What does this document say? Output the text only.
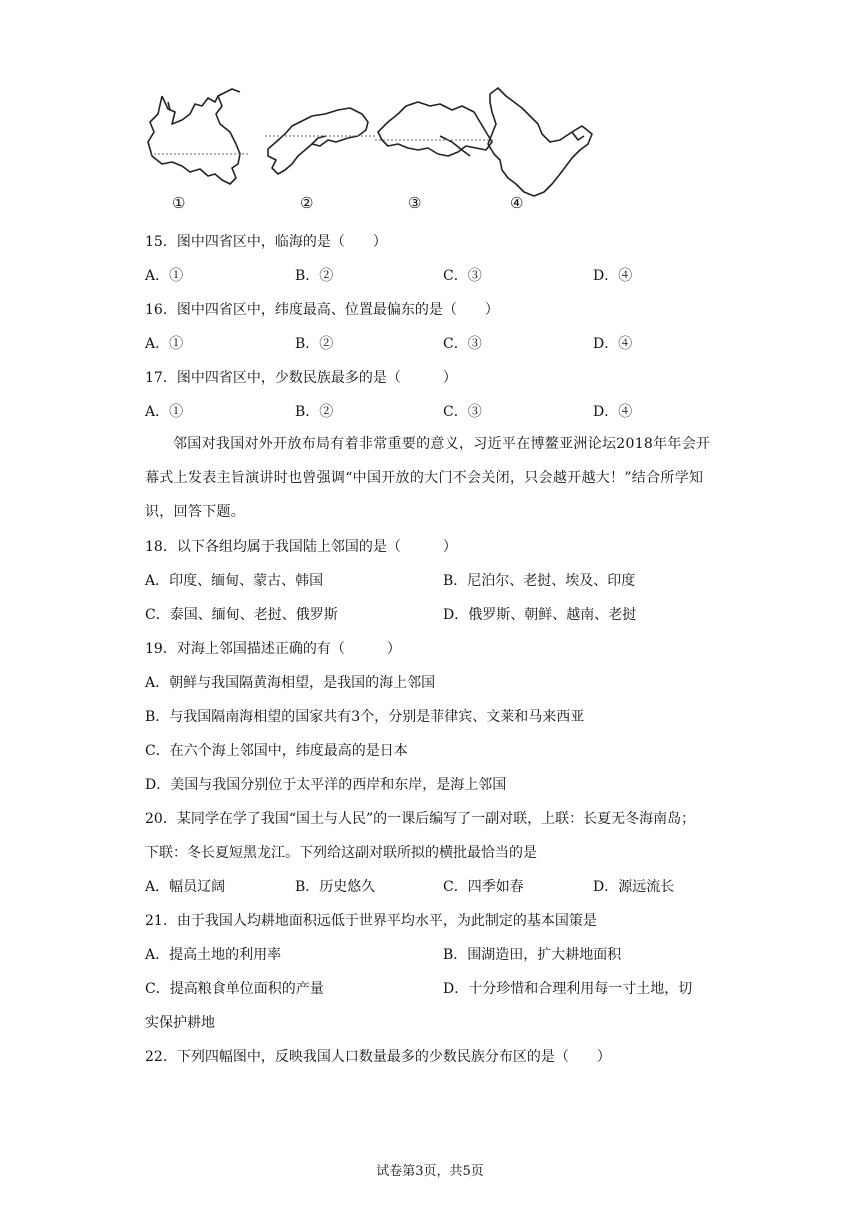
①	②	③	④
15．图中四省区中，临海的是（　　）
A．①	B．②	C．③	D．④
16．图中四省区中，纬度最高、位置最偏东的是（　　）
A．①	B．②	C．③	D．④
17．图中四省区中，少数民族最多的是（　　　）
A．①	B．②	C．③	D．④
邻国对我国对外开放布局有着非常重要的意义，习近平在博鳌亚洲论坛2018年年会开幕式上发表主旨演讲时也曾强调“中国开放的大门不会关闭，只会越开越大！”结合所学知识，回答下题。
18．以下各组均属于我国陆上邻国的是（　　　）
A．印度、缅甸、蒙古、韩国	B．尼泊尔、老挝、埃及、印度
C．泰国、缅甸、老挝、俄罗斯	D．俄罗斯、朝鲜、越南、老挝
19．对海上邻国描述正确的有（　　　）
A．朝鲜与我国隔黄海相望，是我国的海上邻国
B．与我国隔南海相望的国家共有3个，分别是菲律宾、文莱和马来西亚
C．在六个海上邻国中，纬度最高的是日本
D．美国与我国分别位于太平洋的西岸和东岸，是海上邻国
20．某同学在学了我国“国土与人民”的一课后编写了一副对联，上联：长夏无冬海南岛；
下联：冬长夏短黑龙江。下列给这副对联所拟的横批最恰当的是
A．幅员辽阔	B．历史悠久	C．四季如春	D．源远流长
21．由于我国人均耕地面积远低于世界平均水平，为此制定的基本国策是
A．提高土地的利用率	B．围湖造田，扩大耕地面积
C．提高粮食单位面积的产量	D．十分珍惜和合理利用每一寸土地，切
实保护耕地
22．下列四幅图中，反映我国人口数量最多的少数民族分布区的是（　　）
试卷第3页，共5页
